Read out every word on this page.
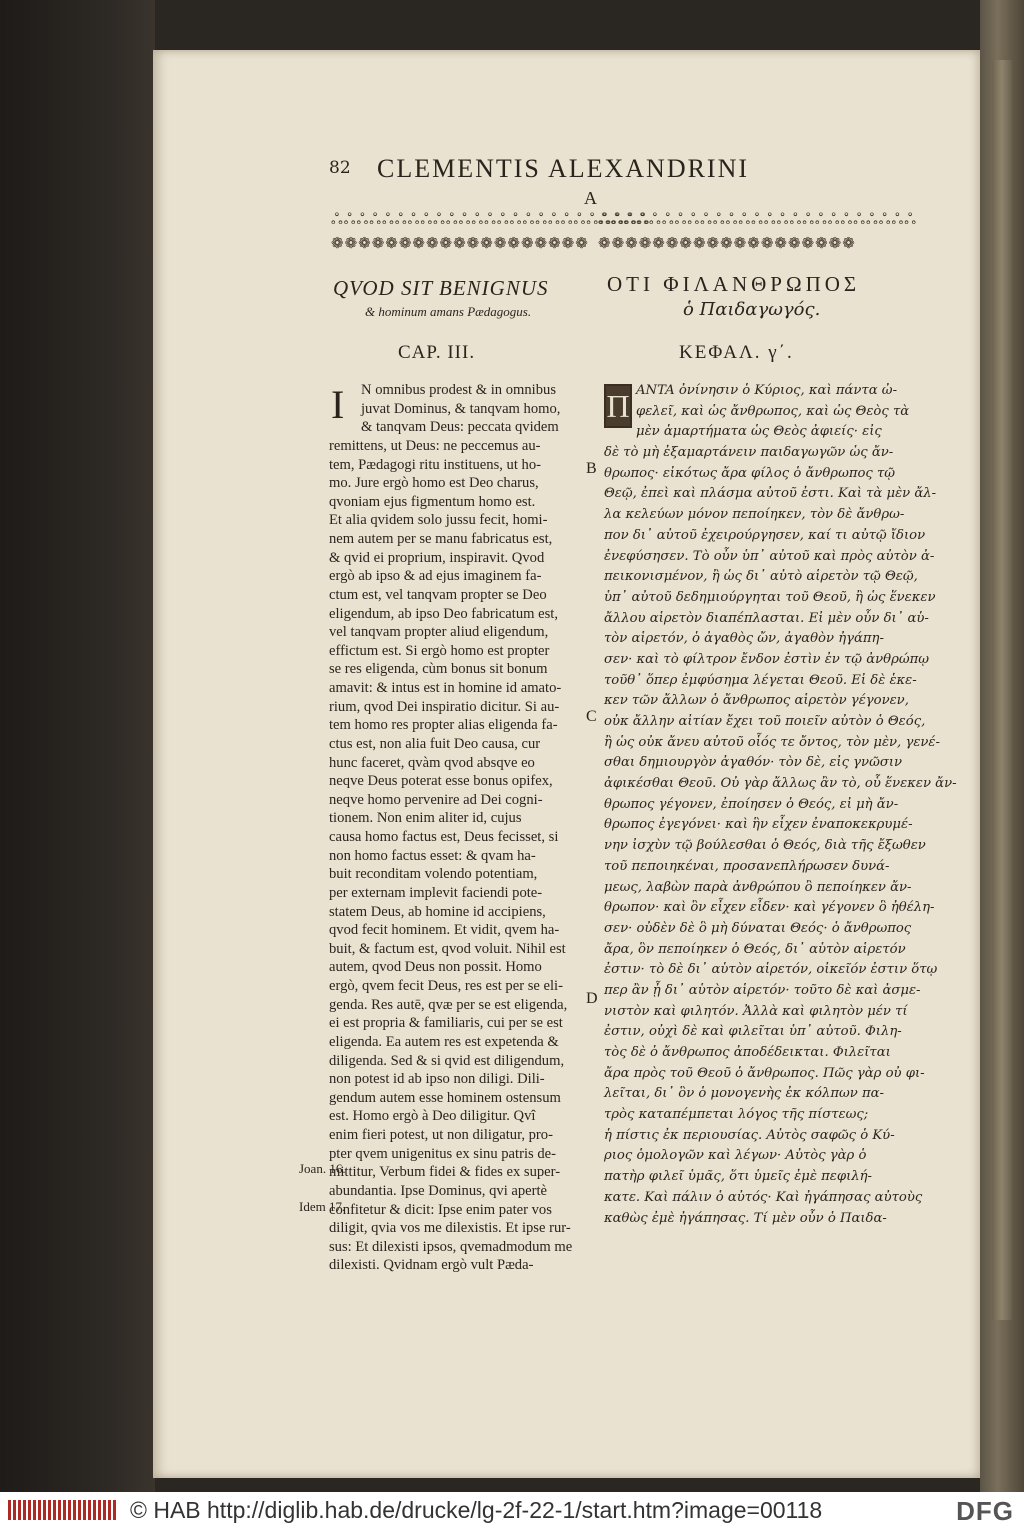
82 CLEMENTIS ALEXANDRINI
A
B
C
D
ஃஃஃஃஃஃஃஃஃஃஃஃஃஃஃஃஃஃஃஃஃஃஃஃஃ
❁❁❁❁❁❁❁❁❁❁❁❁❁❁❁❁❁❁❁
ஃஃஃஃஃஃஃஃஃஃஃஃஃஃஃஃஃஃஃஃஃஃஃஃஃ
❁❁❁❁❁❁❁❁❁❁❁❁❁❁❁❁❁❁❁
QVOD SIT BENIGNUS
& hominum amans Pædagogus.
ΟΤΙ ΦΙΛΑΝΘΡΩΠΟΣ
ὁ Παιδαγωγός.
CAP. III.	ΚΕΦΑΛ. γ΄.
I	N omnibus prodest & in omnibus
juvat Dominus, & tanqvam homo,
& tanqvam Deus: peccata qvidem
remittens, ut Deus: ne peccemus au-
tem, Pædagogi ritu instituens, ut ho-
mo. Jure ergò homo est Deo charus,
qvoniam ejus figmentum homo est.
Et alia qvidem solo jussu fecit, homi-
nem autem per se manu fabricatus est,
& qvid ei proprium, inspiravit. Qvod
ergò ab ipso & ad ejus imaginem fa-
ctum est, vel tanqvam propter se Deo
eligendum, ab ipso Deo fabricatum est,
vel tanqvam propter aliud eligendum,
effictum est. Si ergò homo est propter
se res eligenda, cùm bonus sit bonum
amavit: & intus est in homine id amato-
rium, qvod Dei inspiratio dicitur. Si au-
tem homo res propter alias eligenda fa-
ctus est, non alia fuit Deo causa, cur
hunc faceret, qvàm qvod absqve eo
neqve Deus poterat esse bonus opifex,
neqve homo pervenire ad Dei cogni-
tionem. Non enim aliter id, cujus
causa homo factus est, Deus fecisset, si
non homo factus esset: & qvam ha-
buit reconditam volendo potentiam,
per externam implevit faciendi pote-
statem Deus, ab homine id accipiens,
qvod fecit hominem. Et vidit, qvem ha-
buit, & factum est, qvod voluit. Nihil est
autem, qvod Deus non possit. Homo
ergò, qvem fecit Deus, res est per se eli-
genda. Res autē, qvæ per se est eligenda,
ei est propria & familiaris, cui per se est
eligenda. Ea autem res est expetenda &
diligenda. Sed & si qvid est diligendum,
non potest id ab ipso non diligi. Dili-
gendum autem esse hominem ostensum
est. Homo ergò à Deo diligitur. Qvî
enim fieri potest, ut non diligatur, pro-
pter qvem unigenitus ex sinu patris de-
mittitur, Verbum fidei & fides ex super-
abundantia. Ipse Dominus, qvi apertè
confitetur & dicit: Ipse enim pater vos
diligit, qvia vos me dilexistis. Et ipse rur-
sus: Et dilexisti ipsos, qvemadmodum me
dilexisti. Qvidnam ergò vult Pæda-
Π ANTA ὀνίνησιν ὁ Κύριος, καὶ πάντα ὠ-
φελεῖ, καὶ ὡς ἄνθρωπος, καὶ ὡς Θεὸς τὰ
μὲν ἁμαρτήματα ὡς Θεὸς ἀφιείς· εἰς
δὲ τὸ μὴ ἐξαμαρτάνειν παιδαγωγῶν ὡς ἄν-
θρωπος· εἰκότως ἄρα φίλος ὁ ἄνθρωπος τῷ
Θεῷ, ἐπεὶ καὶ πλάσμα αὐτοῦ ἐστι. Καὶ τὰ μὲν ἄλ-
λα κελεύων μόνον πεποίηκεν, τὸν δὲ ἄνθρω-
πον δι᾽ αὐτοῦ ἐχειρούργησεν, καί τι αὐτῷ ἴδιον
ἐνεφύσησεν. Τὸ οὖν ὑπ᾽ αὐτοῦ καὶ πρὸς αὐτὸν ἀ-
πεικονισμένον, ἢ ὡς δι᾽ αὐτὸ αἱρετὸν τῷ Θεῷ,
ὑπ᾽ αὐτοῦ δεδημιούργηται τοῦ Θεοῦ, ἢ ὡς ἕνεκεν
ἄλλου αἱρετὸν διαπέπλασται. Εἰ μὲν οὖν δι᾽ αὑ-
τὸν αἱρετόν, ὁ ἀγαθὸς ὤν, ἀγαθὸν ἠγάπη-
σεν· καὶ τὸ φίλτρον ἔνδον ἐστὶν ἐν τῷ ἀνθρώπῳ
τοῦθ᾽ ὅπερ ἐμφύσημα λέγεται Θεοῦ. Εἰ δὲ ἑκε-
κεν τῶν ἄλλων ὁ ἄνθρωπος αἱρετὸν γέγονεν,
οὐκ ἄλλην αἰτίαν ἔχει τοῦ ποιεῖν αὐτὸν ὁ Θεός,
ἢ ὡς οὐκ ἄνευ αὐτοῦ οἷός τε ὄντος, τὸν μὲν, γενέ-
σθαι δημιουργὸν ἀγαθόν· τὸν δὲ, εἰς γνῶσιν
ἀφικέσθαι Θεοῦ. Οὐ γὰρ ἄλλως ἂν τὸ, οὗ ἕνεκεν ἄν-
θρωπος γέγονεν, ἐποίησεν ὁ Θεός, εἰ μὴ ἄν-
θρωπος ἐγεγόνει· καὶ ἣν εἶχεν ἐναποκεκρυμέ-
νην ἰσχὺν τῷ βούλεσθαι ὁ Θεός, διὰ τῆς ἔξωθεν
τοῦ πεποιηκέναι, προσανεπλήρωσεν δυνά-
μεως, λαβὼν παρὰ ἀνθρώπου ὃ πεποίηκεν ἄν-
θρωπον· καὶ ὃν εἶχεν εἶδεν· καὶ γέγονεν ὃ ἠθέλη-
σεν· οὐδὲν δὲ ὃ μὴ δύναται Θεός· ὁ ἄνθρωπος
ἄρα, ὃν πεποίηκεν ὁ Θεός, δι᾽ αὑτὸν αἱρετόν
ἐστιν· τὸ δὲ δι᾽ αὑτὸν αἱρετόν, οἰκεῖόν ἐστιν ὅτῳ
περ ἂν ᾖ δι᾽ αὑτὸν αἱρετόν· τοῦτο δὲ καὶ ἀσμε-
νιστὸν καὶ φιλητόν. Ἀλλὰ καὶ φιλητὸν μέν τί
ἐστιν, οὐχὶ δὲ καὶ φιλεῖται ὑπ᾽ αὐτοῦ. Φιλη-
τὸς δὲ ὁ ἄνθρωπος ἀποδέδεικται. Φιλεῖται
ἄρα πρὸς τοῦ Θεοῦ ὁ ἄνθρωπος. Πῶς γὰρ οὐ φι-
λεῖται, δι᾽ ὃν ὁ μονογενὴς ἐκ κόλπων πα-
τρὸς καταπέμπεται λόγος τῆς πίστεως;
ἡ πίστις ἐκ περιουσίας. Αὐτὸς σαφῶς ὁ Κύ-
ριος ὁμολογῶν καὶ λέγων· Αὐτὸς γὰρ ὁ
πατὴρ φιλεῖ ὑμᾶς, ὅτι ὑμεῖς ἐμὲ πεφιλή-
κατε. Καὶ πάλιν ὁ αὐτός· Καὶ ἠγάπησας αὐτοὺς
καθὼς ἐμὲ ἠγάπησας. Τί μὲν οὖν ὁ Παιδα-
Joan. 16.
Idem 17.
© HAB http://diglib.hab.de/drucke/lg-2f-22-1/start.htm?image=00118	DFG
